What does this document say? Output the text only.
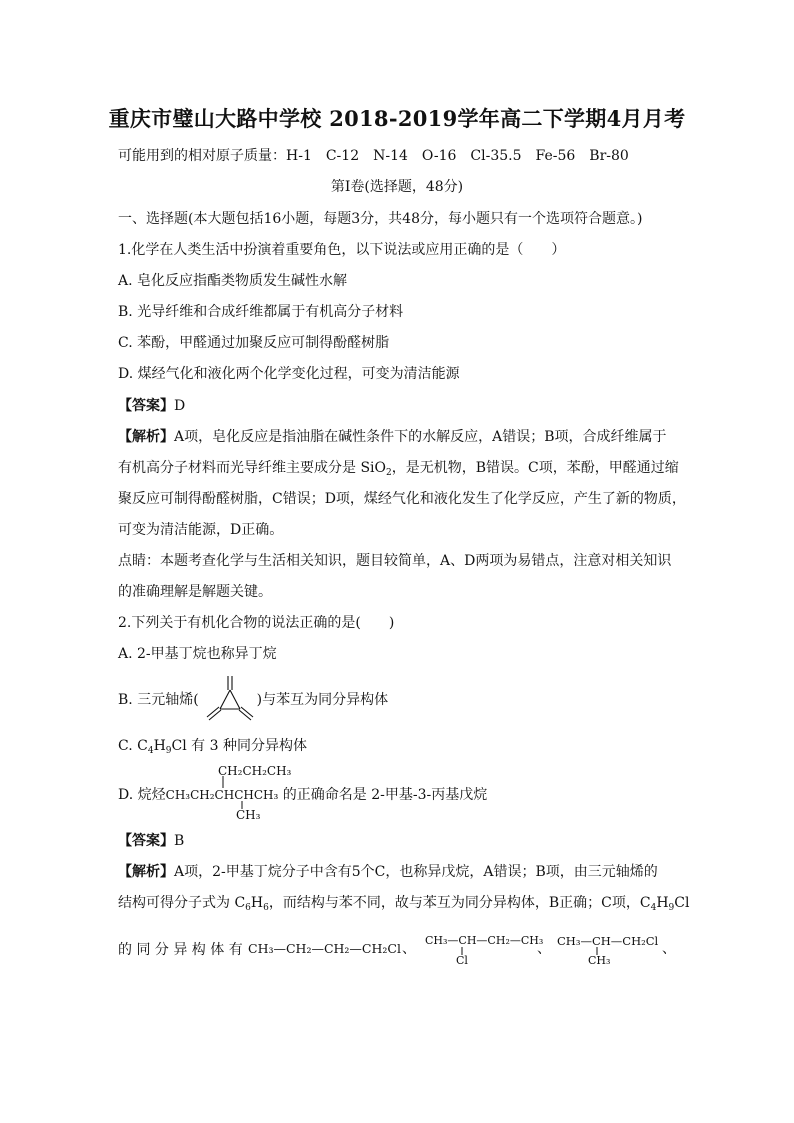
重庆市璧山大路中学校 2018-2019学年高二下学期4月月考
可能用到的相对原子质量：H-1　C-12　N-14　O-16　Cl-35.5　Fe-56　Br-80
第Ⅰ卷(选择题，48分)
一、选择题(本大题包括16小题，每题3分，共48分，每小题只有一个选项符合题意。)
1.化学在人类生活中扮演着重要角色，以下说法或应用正确的是（　　）
A. 皂化反应指酯类物质发生碱性水解
B. 光导纤维和合成纤维都属于有机高分子材料
C. 苯酚，甲醛通过加聚反应可制得酚醛树脂
D. 煤经气化和液化两个化学变化过程，可变为清洁能源
【答案】D
【解析】A项，皂化反应是指油脂在碱性条件下的水解反应，A错误；B项，合成纤维属于
有机高分子材料而光导纤维主要成分是 SiO$_2$，是无机物，B错误。C项，苯酚，甲醛通过缩
聚反应可制得酚醛树脂，C错误；D项，煤经气化和液化发生了化学反应，产生了新的物质，
可变为清洁能源，D正确。
点睛：本题考查化学与生活相关知识，题目较简单，A、D两项为易错点，注意对相关知识
的准确理解是解题关键。
2.下列关于有机化合物的说法正确的是(　　)
A. 2-甲基丁烷也称异丁烷
B. 三元轴烯(	)与苯互为同分异构体
C. $C_4H_9Cl$ 有 3 种同分异构体
CH₂CH₂CH₃
D. 烷烃CH₃CH₂CHCHCH₃ 的正确命名是 2-甲基-3-丙基戊烷
CH₃
【答案】B
【解析】A项，2-甲基丁烷分子中含有5个C，也称异戊烷，A错误；B项，由三元轴烯的
结构可得分子式为 $C_6H_6$，而结构与苯不同，故与苯互为同分异构体，B正确；C项，$C_4H_9Cl$
的 同 分 异 构 体 有 CH₃—CH₂—CH₂—CH₂Cl 、
CH₃—CH—CH₂—CH₃
Cl
、 CH₃—CH—CH₂Cl
CH₃
、
